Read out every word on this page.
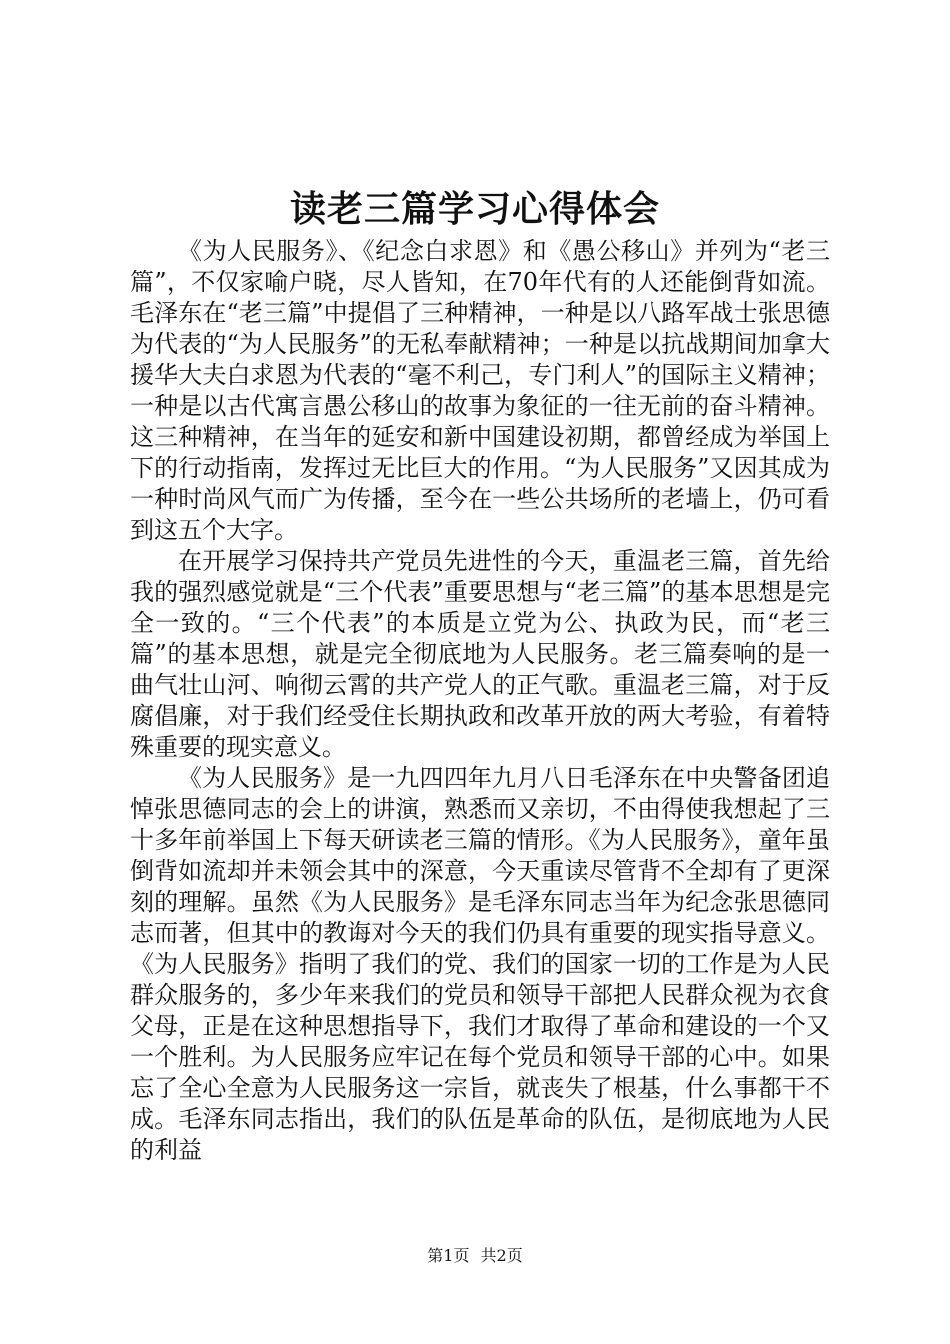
读老三篇学习心得体会

《为人民服务》、《纪念白求恩》和《愚公移山》并列为“老三篇”，不仅家喻户晓，尽人皆知，在70年代有的人还能倒背如流。毛泽东在“老三篇”中提倡了三种精神，一种是以八路军战士张思德为代表的“为人民服务”的无私奉献精神；一种是以抗战期间加拿大援华大夫白求恩为代表的“毫不利己，专门利人”的国际主义精神；一种是以古代寓言愚公移山的故事为象征的一往无前的奋斗精神。这三种精神，在当年的延安和新中国建设初期，都曾经成为举国上下的行动指南，发挥过无比巨大的作用。“为人民服务”又因其成为一种时尚风气而广为传播，至今在一些公共场所的老墙上，仍可看到这五个大字。

在开展学习保持共产党员先进性的今天，重温老三篇，首先给我的强烈感觉就是“三个代表”重要思想与“老三篇”的基本思想是完全一致的。“三个代表”的本质是立党为公、执政为民，而“老三篇”的基本思想，就是完全彻底地为人民服务。老三篇奏响的是一曲气壮山河、响彻云霄的共产党人的正气歌。重温老三篇，对于反腐倡廉，对于我们经受住长期执政和改革开放的两大考验，有着特殊重要的现实意义。

《为人民服务》是一九四四年九月八日毛泽东在中央警备团追悼张思德同志的会上的讲演，熟悉而又亲切，不由得使我想起了三十多年前举国上下每天研读老三篇的情形。《为人民服务》，童年虽倒背如流却并未领会其中的深意，今天重读尽管背不全却有了更深刻的理解。虽然《为人民服务》是毛泽东同志当年为纪念张思德同志而著，但其中的教诲对今天的我们仍具有重要的现实指导意义。《为人民服务》指明了我们的党、我们的国家一切的工作是为人民群众服务的，多少年来我们的党员和领导干部把人民群众视为衣食父母，正是在这种思想指导下，我们才取得了革命和建设的一个又一个胜利。为人民服务应牢记在每个党员和领导干部的心中。如果忘了全心全意为人民服务这一宗旨，就丧失了根基，什么事都干不成。毛泽东同志指出，我们的队伍是革命的队伍，是彻底地为人民的利益

第1页 共2页
